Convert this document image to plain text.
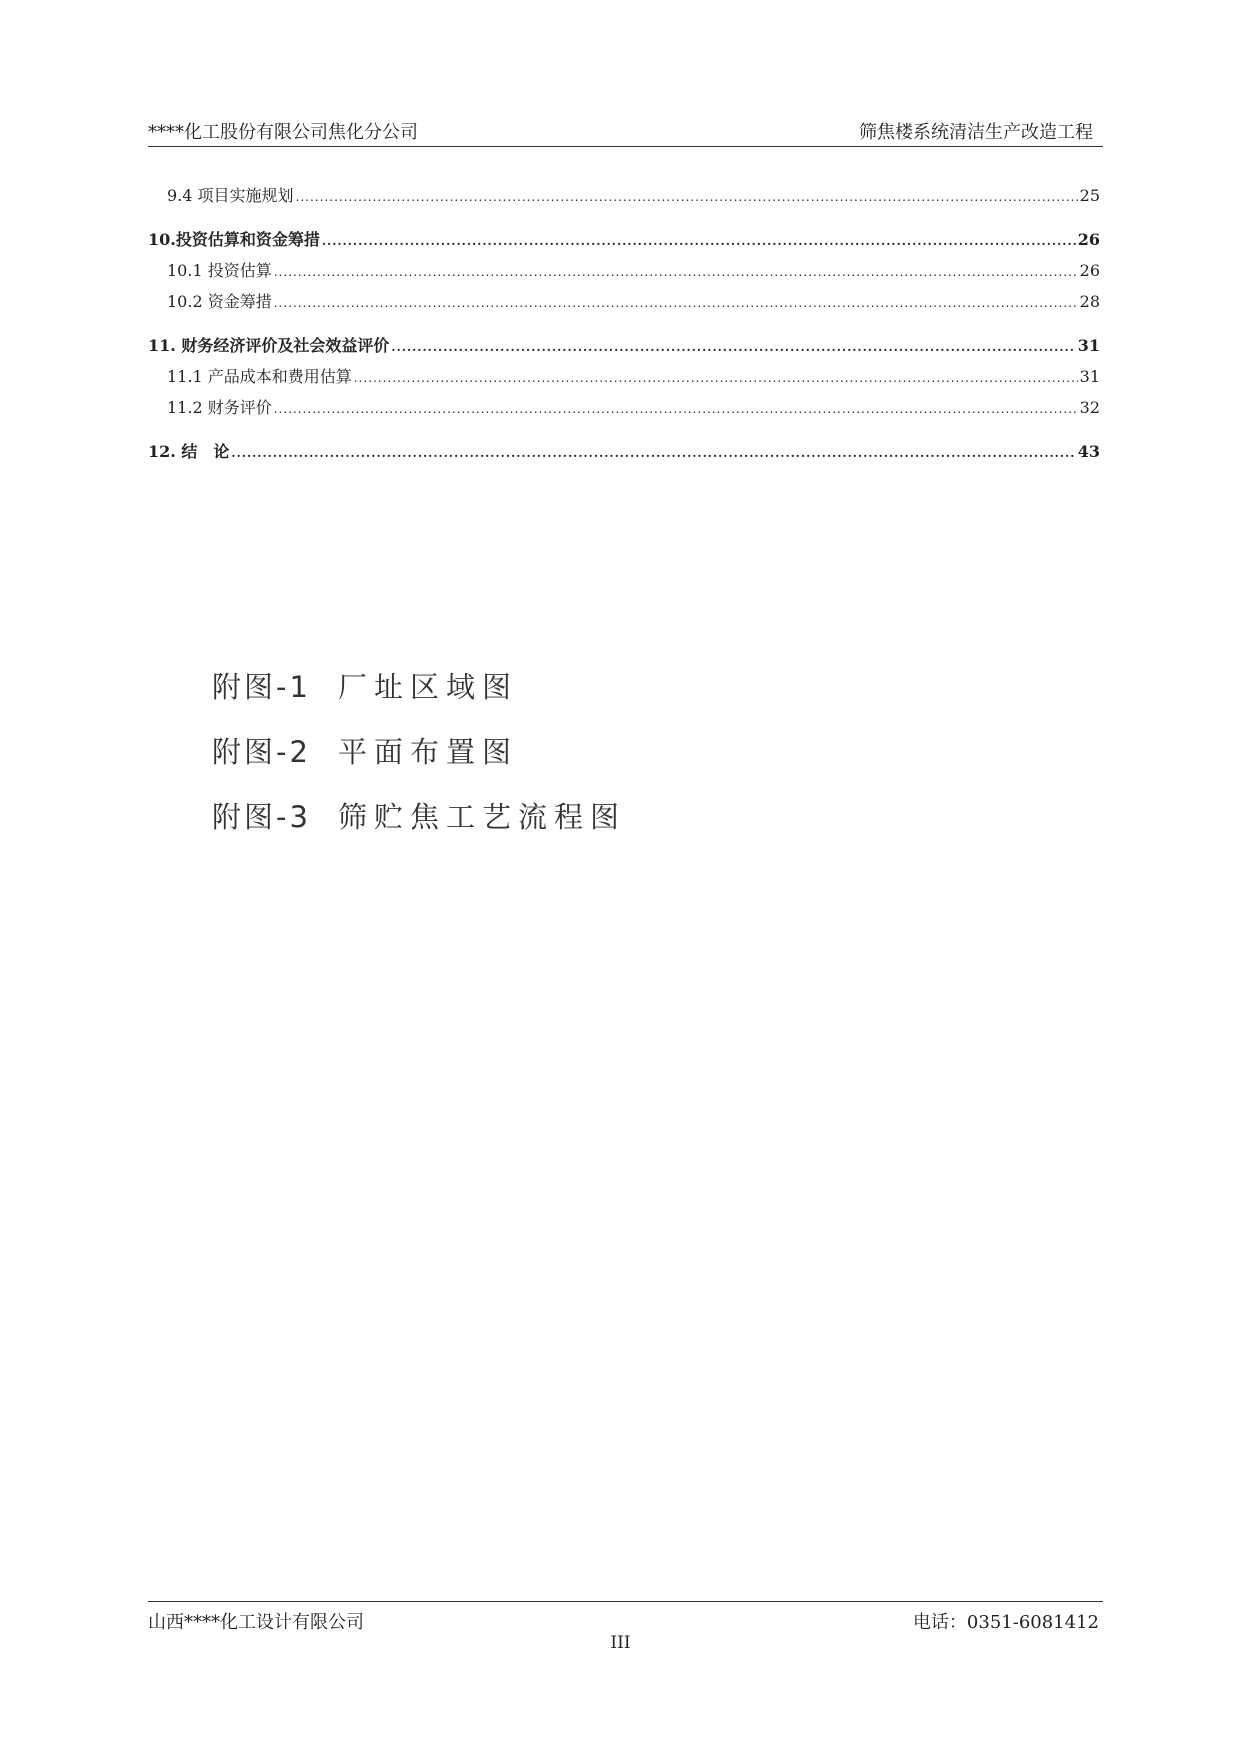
****化工股份有限公司焦化分公司	筛焦楼系统清洁生产改造工程
9.4 项目实施规划 .....	25
10.投资估算和资金筹措 .....	26
10.1 投资估算 .....	26
10.2 资金筹措 .....	28
11. 财务经济评价及社会效益评价 .....	31
11.1 产品成本和费用估算 .....	31
11.2 财务评价 .....	32
12. 结　论 .....	43
附图-1 厂址区域图
附图-2 平面布置图
附图-3 筛贮焦工艺流程图
山西****化工设计有限公司	电话：0351-6081412
III
